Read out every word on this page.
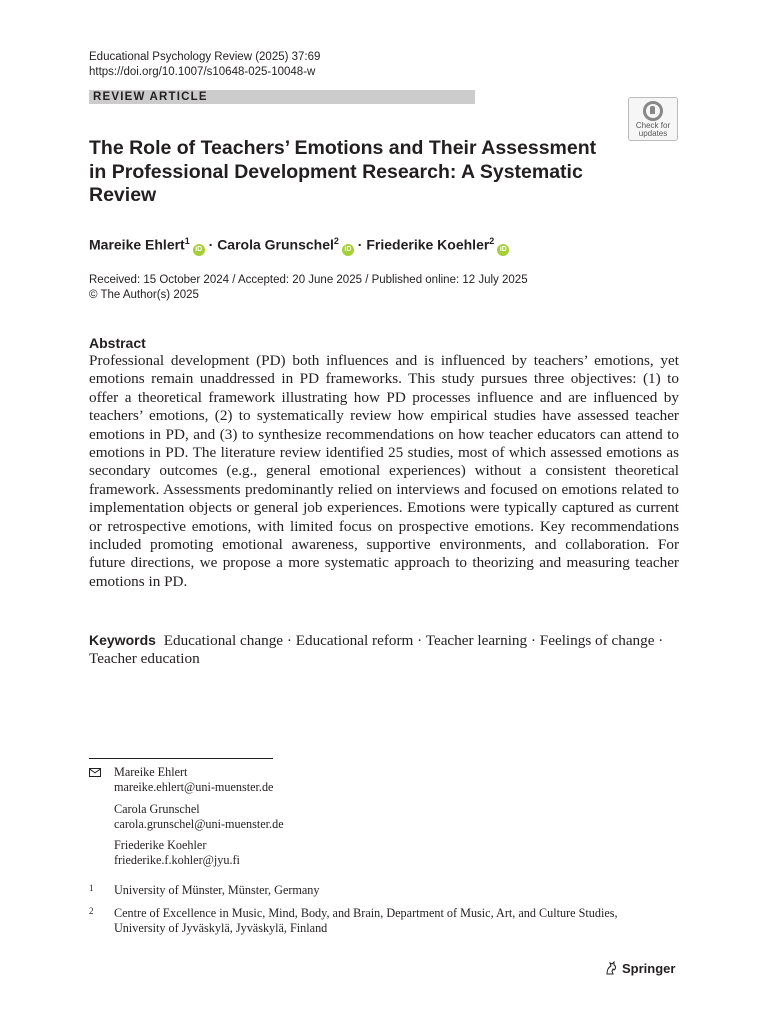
Educational Psychology Review (2025) 37:69
https://doi.org/10.1007/s10648-025-10048-w
REVIEW ARTICLE
Check for
updates
The Role of Teachers’ Emotions and Their Assessment in Professional Development Research: A Systematic Review
Mareike Ehlert$^1$iD · Carola Grunschel$^2$iD · Friederike Koehler$^2$iD
Received: 15 October 2024 / Accepted: 20 June 2025 / Published online: 12 July 2025
© The Author(s) 2025
Abstract
Professional development (PD) both influences and is influenced by teachers’ emotions, yet emotions remain unaddressed in PD frameworks. This study pursues three objectives: (1) to offer a theoretical framework illustrating how PD processes influence and are influenced by teachers’ emotions, (2) to systematically review how empirical studies have assessed teacher emotions in PD, and (3) to synthesize recommendations on how teacher educators can attend to emotions in PD. The literature review identified 25 studies, most of which assessed emotions as secondary outcomes (e.g., general emotional experiences) without a consistent theoretical framework. Assessments predominantly relied on interviews and focused on emotions related to implementation objects or general job experiences. Emotions were typically captured as current or retrospective emotions, with limited focus on prospective emotions. Key recommendations included promoting emotional awareness, supportive environments, and collaboration. For future directions, we propose a more systematic approach to theorizing and measuring teacher emotions in PD.
Keywords Educational change · Educational reform · Teacher learning · Feelings of change · Teacher education
Mareike Ehlert
mareike.ehlert@uni-muenster.de
Carola Grunschel
carola.grunschel@uni-muenster.de
Friederike Koehler
friederike.f.kohler@jyu.fi
1 University of Münster, Münster, Germany
2 Centre of Excellence in Music, Mind, Body, and Brain, Department of Music, Art, and Culture Studies, University of Jyväskylä, Jyväskylä, Finland
Springer
